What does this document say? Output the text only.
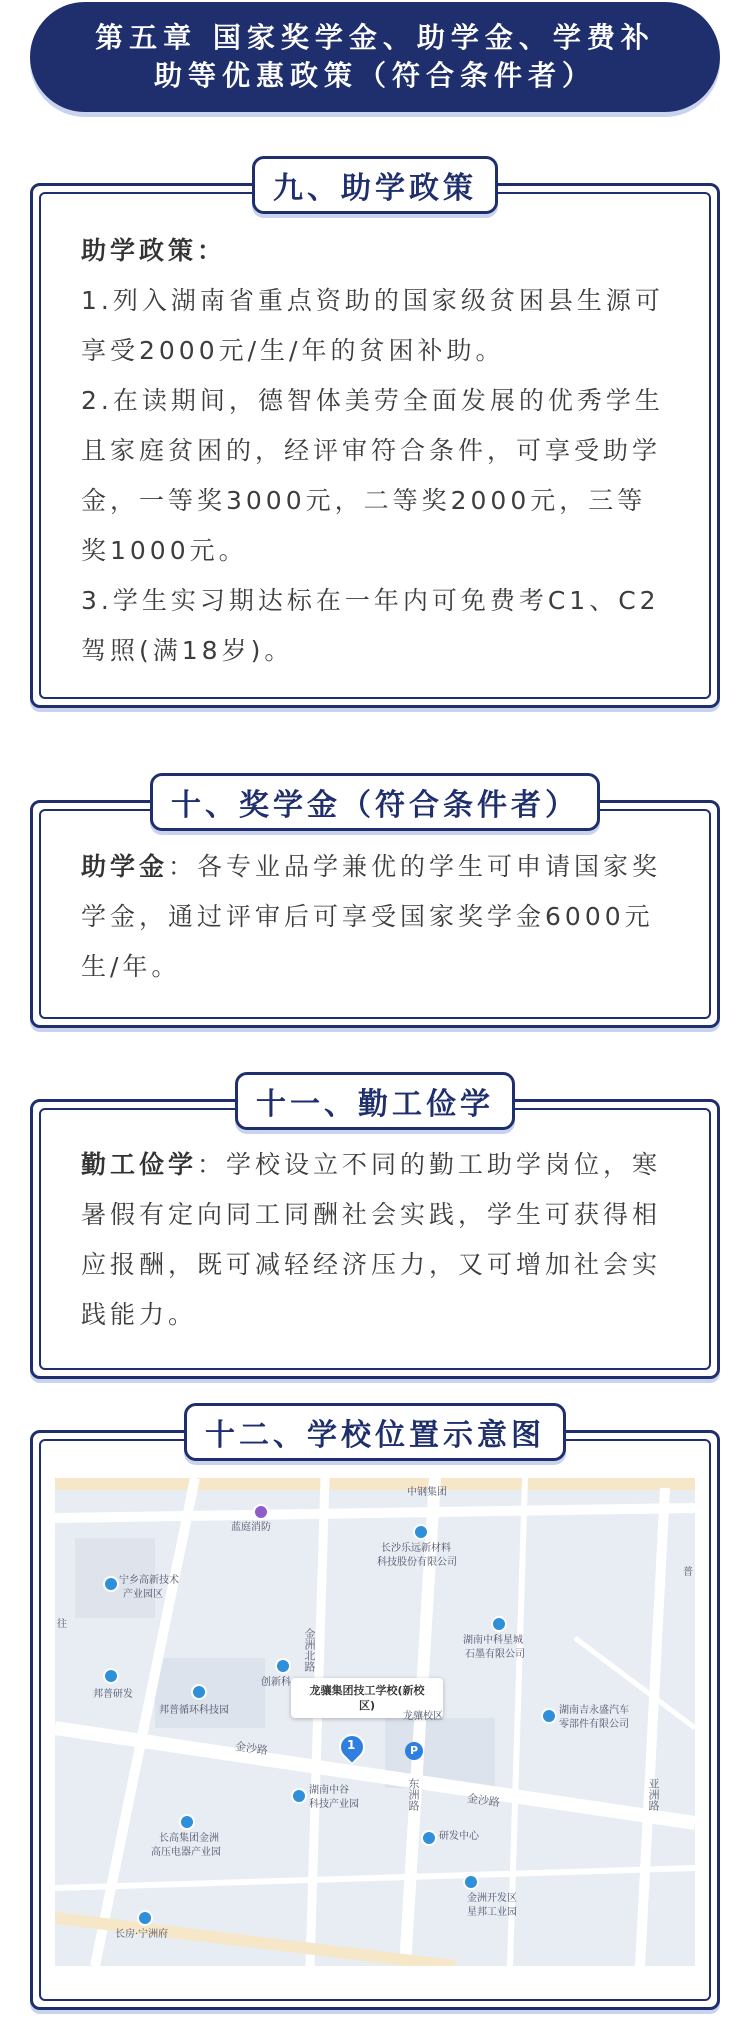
第五章 国家奖学金、助学金、学费补
助等优惠政策（符合条件者）
九、助学政策

助学政策：

1.列入湖南省重点资助的国家级贫困县生源可享受2000元/生/年的贫困补助。

2.在读期间，德智体美劳全面发展的优秀学生且家庭贫困的，经评审符合条件，可享受助学金，一等奖3000元，二等奖2000元，三等奖1000元。

3.学生实习期达标在一年内可免费考C1、C2驾照(满18岁)。

十、奖学金（符合条件者）

助学金：各专业品学兼优的学生可申请国家奖学金，通过评审后可享受国家奖学金6000元生/年。

十一、勤工俭学

勤工俭学：学校设立不同的勤工助学岗位，寒暑假有定向同工同酬社会实践，学生可获得相应报酬，既可减轻经济压力，又可增加社会实践能力。

十二、学校位置示意图
蓝庭消防
中钢集团
长沙乐远新材料
科技股份有限公司
宁乡高新技术
产业园区
往
金洲北路	湖南中科星城
石墨有限公司
普
邦普研发
邦普循环科技园
创新科
龙骧集团技工学校(新校
区)
龙骧校区
1	P
湖南吉永盛汽车
零部件有限公司
金沙路
金沙路
东洲路	亚洲路
湖南中谷
科技产业园
长高集团金洲
高压电器产业园
研发中心
金洲开发区
星邦工业园
长房·宁洲府
